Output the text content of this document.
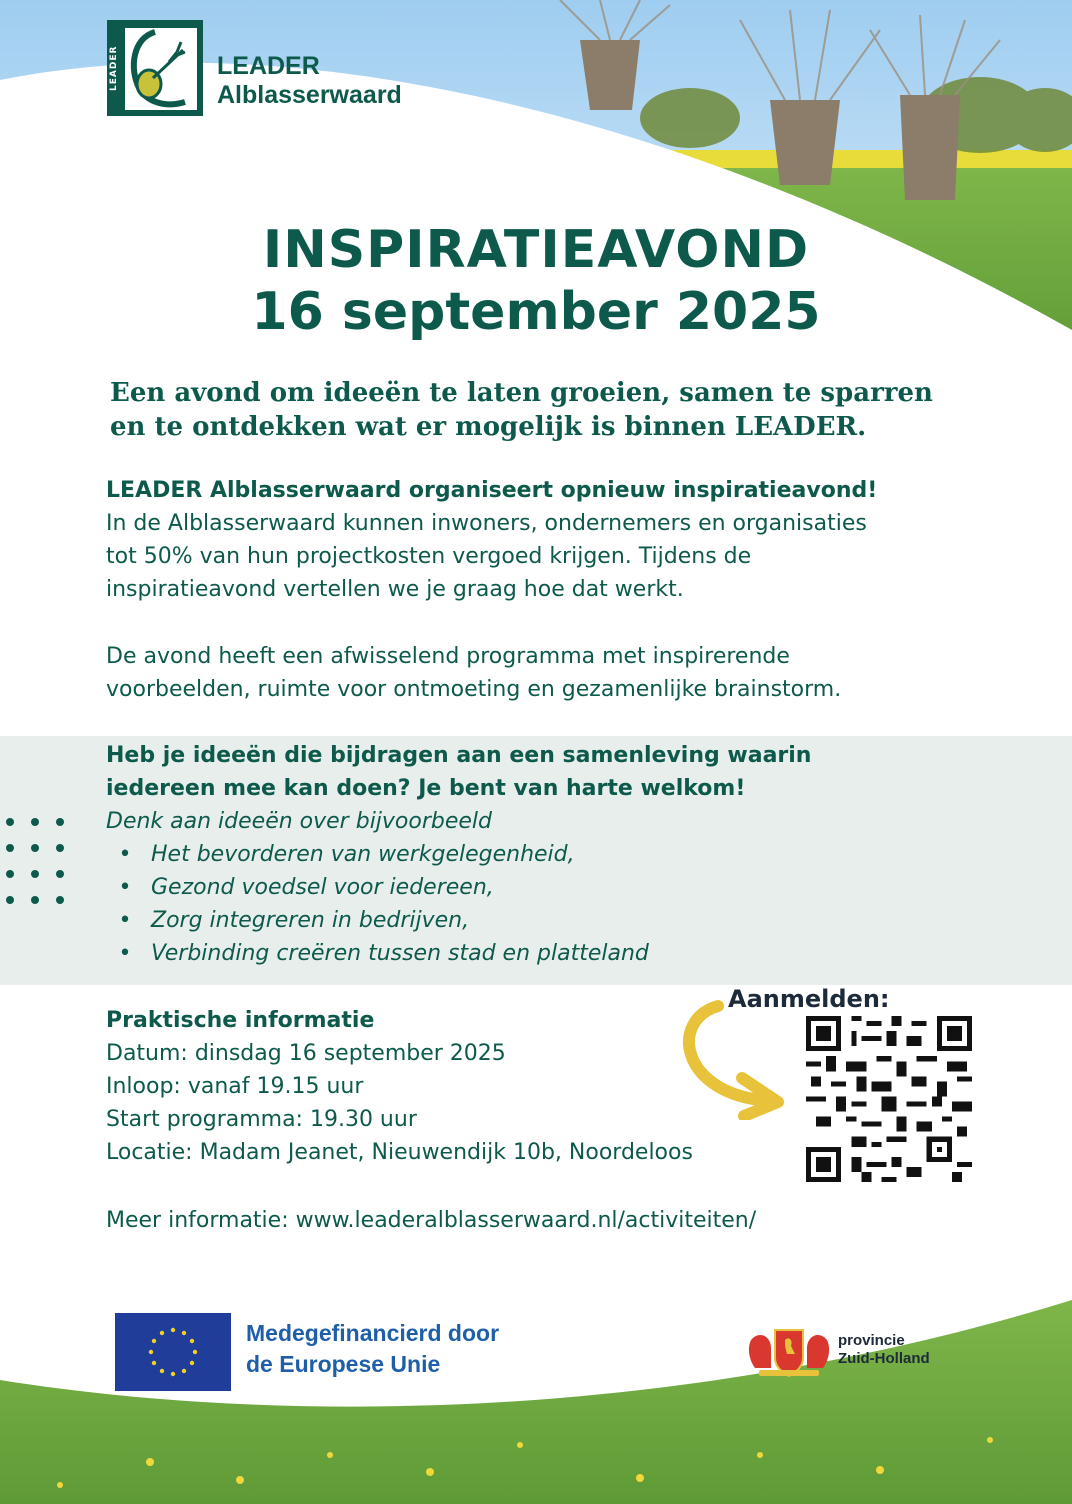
LEADER	LEADER
Alblasserwaard
INSPIRATIEAVOND
16 september 2025
Een avond om ideeën te laten groeien, samen te sparren
en te ontdekken wat er mogelijk is binnen LEADER.
LEADER Alblasserwaard organiseert opnieuw inspiratieavond!
In de Alblasserwaard kunnen inwoners, ondernemers en organisaties
tot 50% van hun projectkosten vergoed krijgen. Tijdens de
inspiratieavond vertellen we je graag hoe dat werkt.
De avond heeft een afwisselend programma met inspirerende
voorbeelden, ruimte voor ontmoeting en gezamenlijke brainstorm.
Heb je ideeën die bijdragen aan een samenleving waarin
iedereen mee kan doen? Je bent van harte welkom!
Denk aan ideeën over bijvoorbeeld
• Het bevorderen van werkgelegenheid,
• Gezond voedsel voor iedereen,
• Zorg integreren in bedrijven,
• Verbinding creëren tussen stad en platteland
Praktische informatie
Datum: dinsdag 16 september 2025
Inloop: vanaf 19.15 uur
Start programma: 19.30 uur
Locatie: Madam Jeanet, Nieuwendijk 10b, Noordeloos
Meer informatie: www.leaderalblasserwaard.nl/activiteiten/
Aanmelden:
Medegefinancierd door
de Europese Unie
provincie
Zuid-Holland
